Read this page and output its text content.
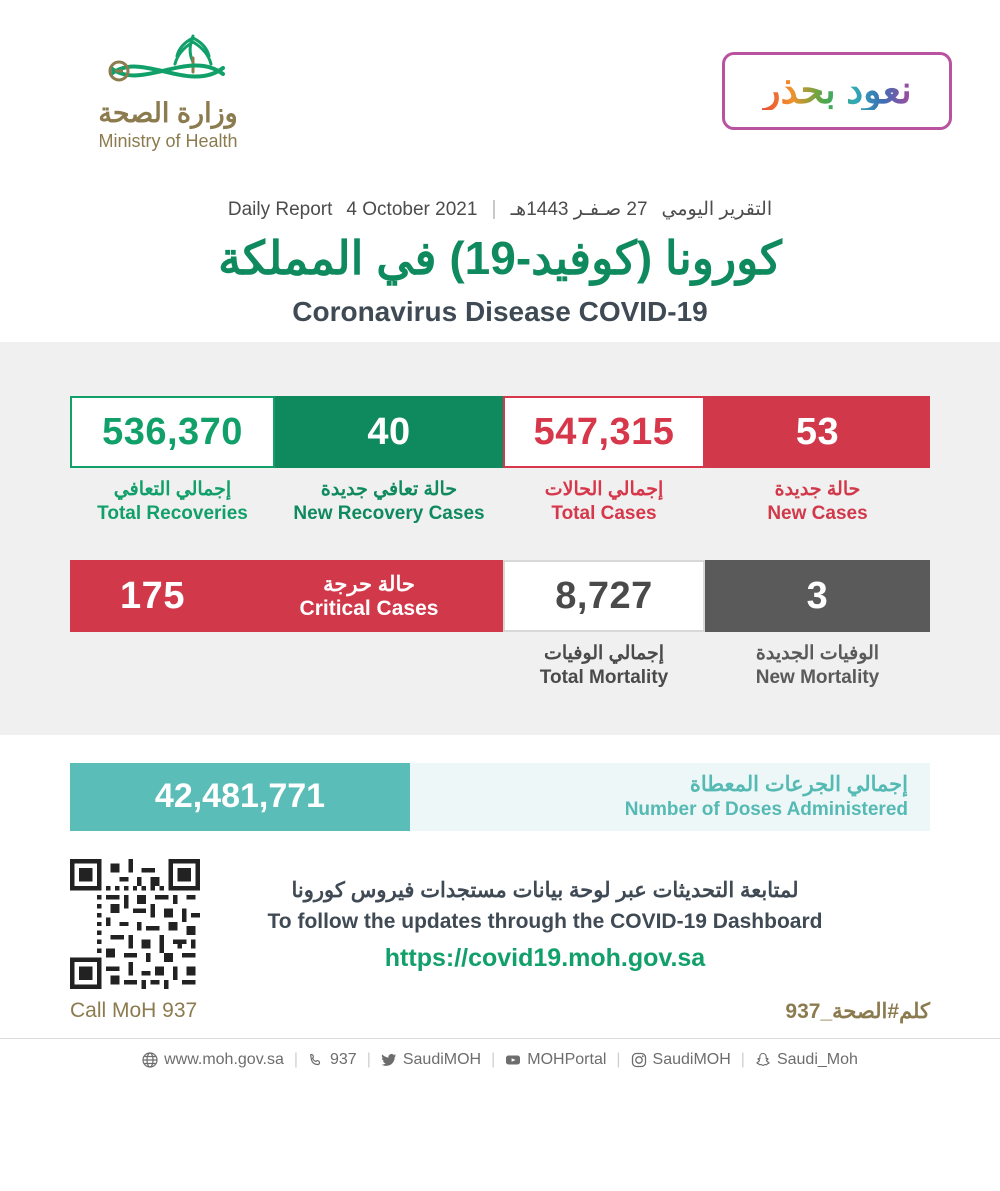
وزارة الصحة
Ministry of Health
نعود بحذر
Daily Report 4 October 2021 | 27 صـفـر 1443هـ التقرير اليومي
كورونا (كوفيد-19) في المملكة
Coronavirus Disease COVID-19
536,370
إجمالي التعافي
Total Recoveries
40
حالة تعافي جديدة
New Recovery Cases
547,315
إجمالي الحالات
Total Cases
53
حالة جديدة
New Cases
175	حالة حرجة
Critical Cases	8,727
إجمالي الوفيات
Total Mortality
3
الوفيات الجديدة
New Mortality
42,481,771	إجمالي الجرعات المعطاة
Number of Doses Administered
لمتابعة التحديثات عبر لوحة بيانات مستجدات فيروس كورونا
To follow the updates through the COVID-19 Dashboard
https://covid19.moh.gov.sa
Call MoH 937	كلم#الصحة_937
www.moh.gov.sa | 937 | SaudiMOH | MOHPortal | SaudiMOH | Saudi_Moh
